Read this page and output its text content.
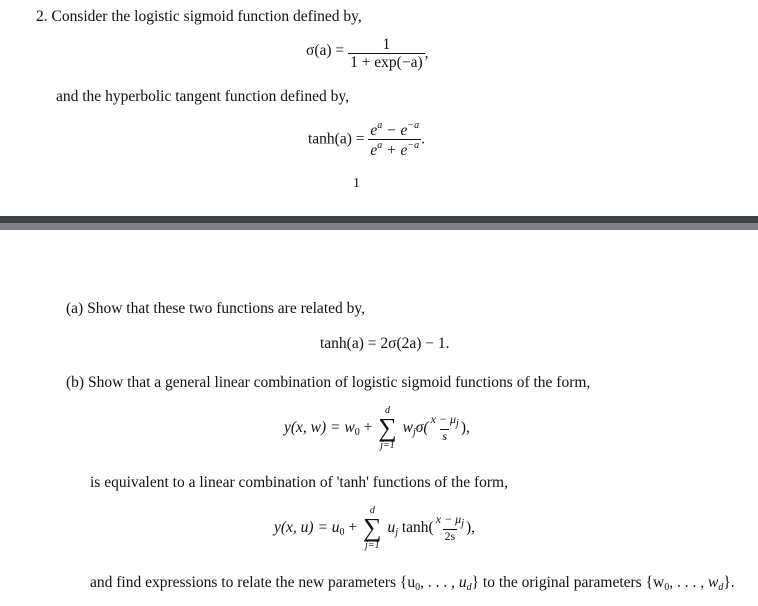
2. Consider the logistic sigmoid function defined by,
$\sigma(a) = \frac{1}{1 + \exp(-a)}$ ,
and the hyperbolic tangent function defined by,
$\tanh(a) = \frac{e^a - e^{-a}}{e^a + e^{-a}}$ .
1
(a) Show that these two functions are related by,
tanh(a) = 2σ(2a) − 1.
(b) Show that a general linear combination of logistic sigmoid functions of the form,
y(x, $w) = w_0$ +
d
∑
j=1
$w_j\sigma( \frac{x - \mu_j}{s}$ ),
is equivalent to a linear combination of 'tanh' functions of the form,
y(x, $u) = u_0$ +
d
∑
j=1
$u_j$ $\tanh( \frac{x - \mu_j}{2s}$ ),
and find expressions to relate the new parameters {$u_0$, . . . , $u_d$} to the original parameters {$w_0$, . . . , $w_d$}.
